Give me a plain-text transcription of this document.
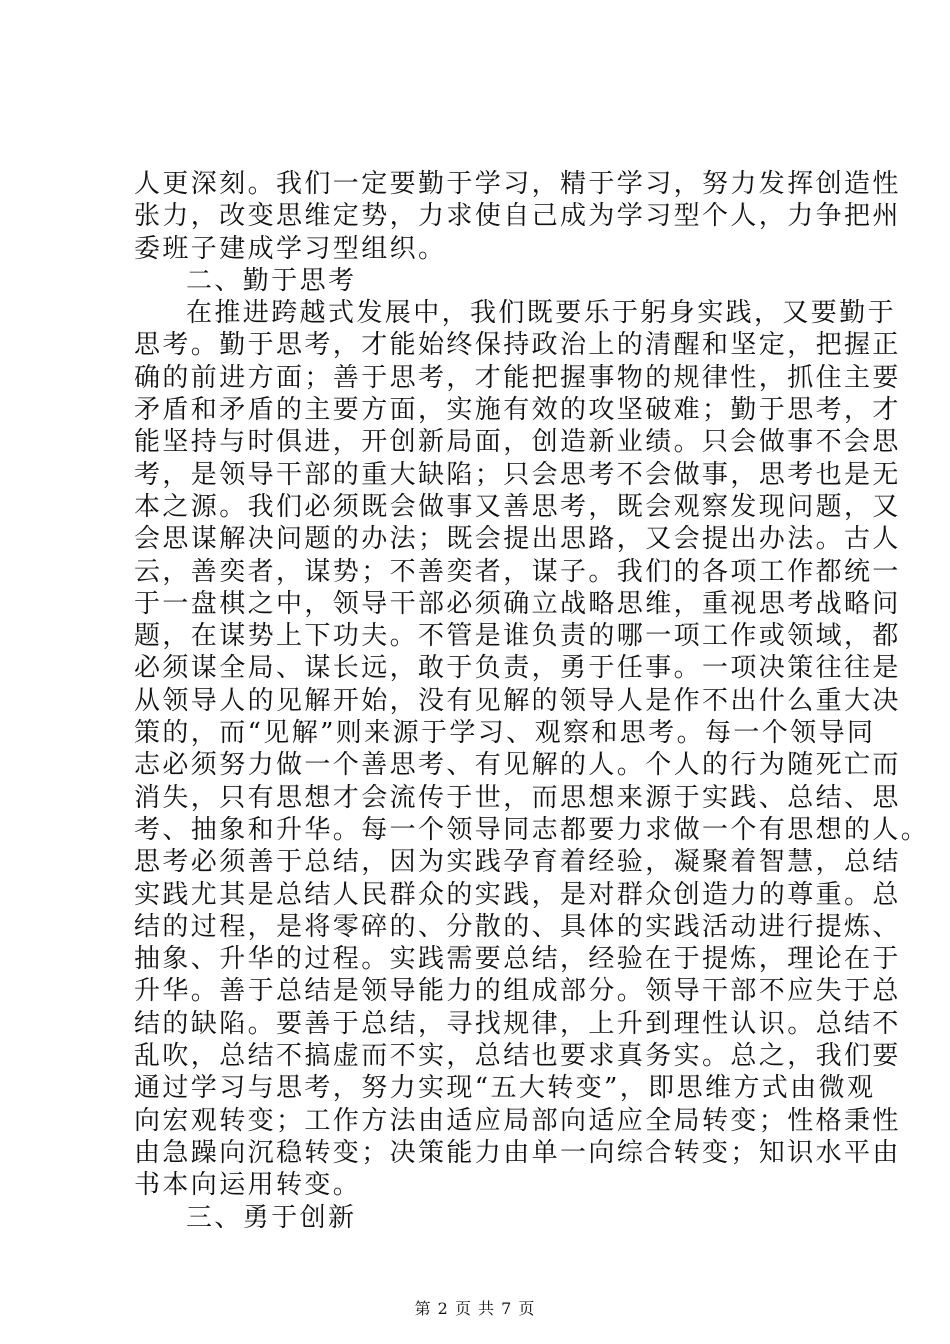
人更深刻。我们一定要勤于学习，精于学习，努力发挥创造性
张力，改变思维定势，力求使自己成为学习型个人，力争把州
委班子建成学习型组织。
二、勤于思考
在推进跨越式发展中，我们既要乐于躬身实践，又要勤于
思考。勤于思考，才能始终保持政治上的清醒和坚定，把握正
确的前进方面；善于思考，才能把握事物的规律性，抓住主要
矛盾和矛盾的主要方面，实施有效的攻坚破难；勤于思考，才
能坚持与时俱进，开创新局面，创造新业绩。只会做事不会思
考，是领导干部的重大缺陷；只会思考不会做事，思考也是无
本之源。我们必须既会做事又善思考，既会观察发现问题，又
会思谋解决问题的办法；既会提出思路，又会提出办法。古人
云，善奕者，谋势；不善奕者，谋子。我们的各项工作都统一
于一盘棋之中，领导干部必须确立战略思维，重视思考战略问
题，在谋势上下功夫。不管是谁负责的哪一项工作或领域，都
必须谋全局、谋长远，敢于负责，勇于任事。一项决策往往是
从领导人的见解开始，没有见解的领导人是作不出什么重大决
策的，而“见解”则来源于学习、观察和思考。每一个领导同
志必须努力做一个善思考、有见解的人。个人的行为随死亡而
消失，只有思想才会流传于世，而思想来源于实践、总结、思
考、抽象和升华。每一个领导同志都要力求做一个有思想的人。
思考必须善于总结，因为实践孕育着经验，凝聚着智慧，总结
实践尤其是总结人民群众的实践，是对群众创造力的尊重。总
结的过程，是将零碎的、分散的、具体的实践活动进行提炼、
抽象、升华的过程。实践需要总结，经验在于提炼，理论在于
升华。善于总结是领导能力的组成部分。领导干部不应失于总
结的缺陷。要善于总结，寻找规律，上升到理性认识。总结不
乱吹，总结不搞虚而不实，总结也要求真务实。总之，我们要
通过学习与思考，努力实现“五大转变”，即思维方式由微观
向宏观转变；工作方法由适应局部向适应全局转变；性格秉性
由急躁向沉稳转变；决策能力由单一向综合转变；知识水平由
书本向运用转变。
三、勇于创新
第 2 页 共 7 页
